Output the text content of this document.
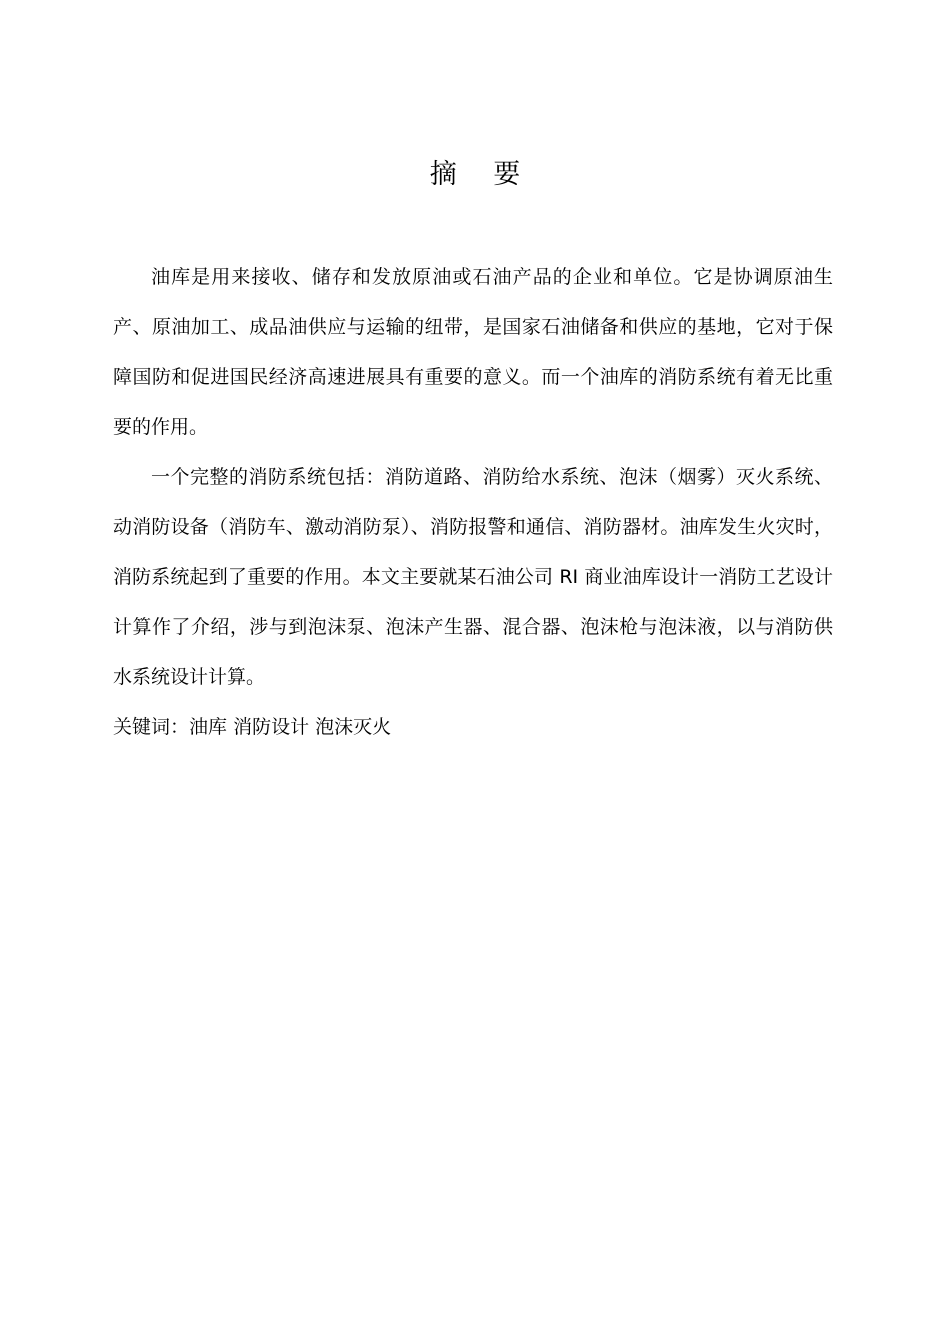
摘 要

油库是用来接收、储存和发放原油或石油产品的企业和单位。它是协调原油生产、原油加工、成品油供应与运输的纽带，是国家石油储备和供应的基地，它对于保障国防和促进国民经济高速进展具有重要的意义。而一个油库的消防系统有着无比重要的作用。

一个完整的消防系统包括：消防道路、消防给水系统、泡沫（烟雾）灭火系统、动消防设备（消防车、激动消防泵）、消防报警和通信、消防器材。油库发生火灾时，消防系统起到了重要的作用。本文主要就某石油公司 RI 商业油库设计一消防工艺设计计算作了介绍，涉与到泡沫泵、泡沫产生器、混合器、泡沫枪与泡沫液，以与消防供水系统设计计算。

关键词：油库 消防设计 泡沫灭火
